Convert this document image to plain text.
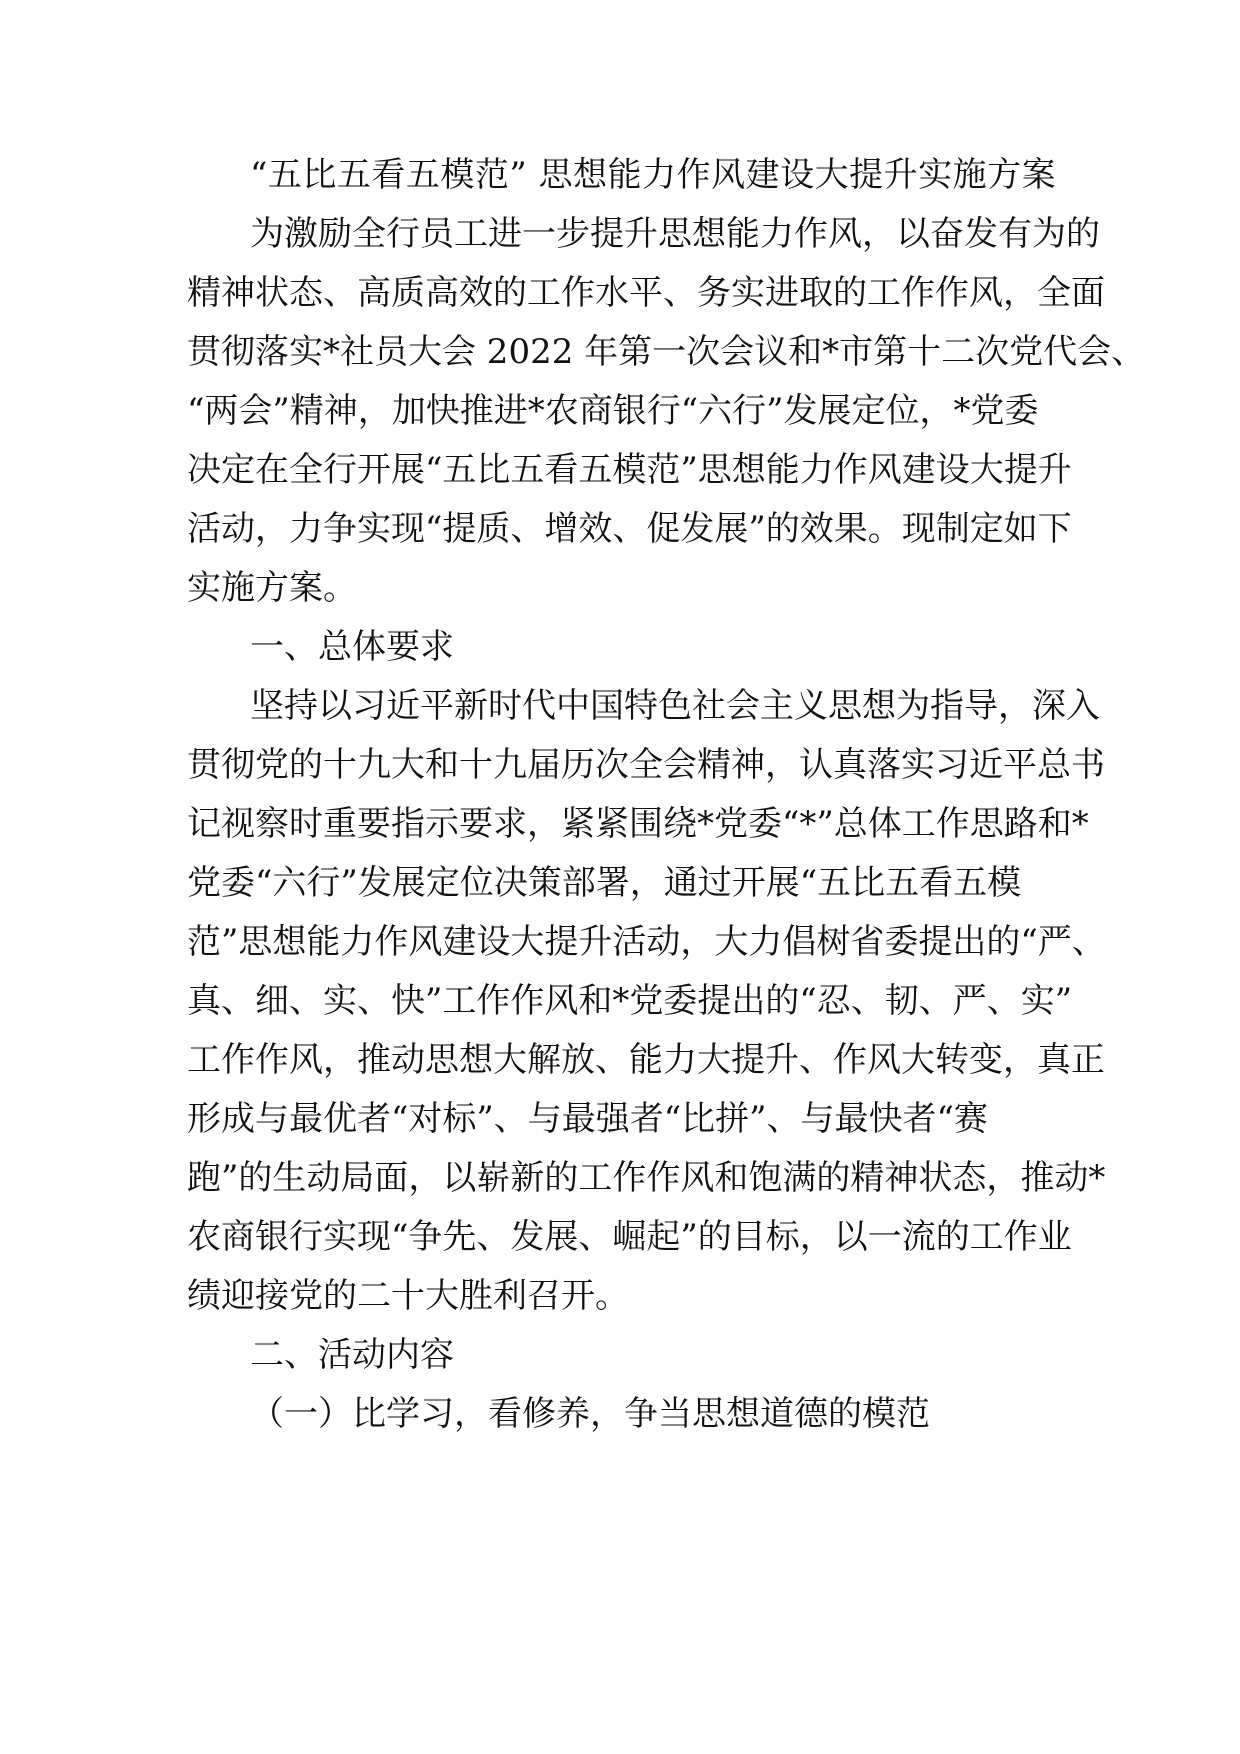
“五比五看五模范” 思想能力作风建设大提升实施方案
为激励全行员工进一步提升思想能力作风，以奋发有为的
精神状态、高质高效的工作水平、务实进取的工作作风，全面
贯彻落实*社员大会 2022 年第一次会议和*市第十二次党代会、
“两会”精神，加快推进*农商银行“六行”发展定位，*党委
决定在全行开展“五比五看五模范”思想能力作风建设大提升
活动，力争实现“提质、增效、促发展”的效果。现制定如下
实施方案。
一、总体要求
坚持以习近平新时代中国特色社会主义思想为指导，深入
贯彻党的十九大和十九届历次全会精神，认真落实习近平总书
记视察时重要指示要求，紧紧围绕*党委“*”总体工作思路和*
党委“六行”发展定位决策部署，通过开展“五比五看五模
范”思想能力作风建设大提升活动，大力倡树省委提出的“严、
真、细、实、快”工作作风和*党委提出的“忍、韧、严、实”
工作作风，推动思想大解放、能力大提升、作风大转变，真正
形成与最优者“对标”、与最强者“比拼”、与最快者“赛
跑”的生动局面，以崭新的工作作风和饱满的精神状态，推动*
农商银行实现“争先、发展、崛起”的目标，以一流的工作业
绩迎接党的二十大胜利召开。
二、活动内容
（一）比学习，看修养，争当思想道德的模范
